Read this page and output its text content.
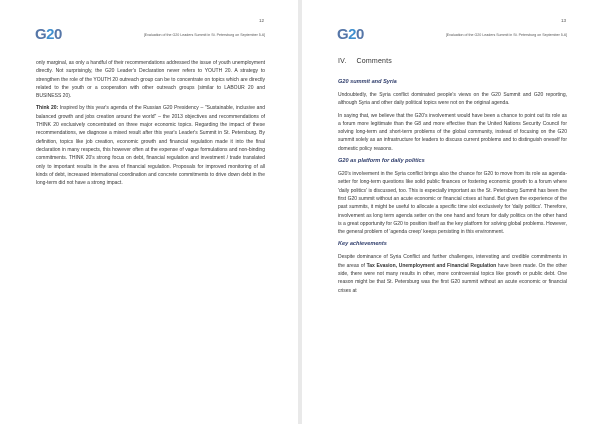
12
G20	[Evaluation of the G20 Leaders Summit in St. Petersburg on September 5-6]

only marginal, as only a handful of their recommendations addressed the issue of youth unemployment directly. Not surprisingly, the G20 Leader's Declaration never refers to YOUTH 20. A strategy to strengthen the role of the YOUTH 20 outreach group can be to concentrate on topics which are directly related to the youth or a cooperation with other outreach groups (similar to LABOUR 20 and BUSINESS 20).

Think 20: Inspired by this year's agenda of the Russian G20 Presidency – "Sustainable, inclusive and balanced growth and jobs creation around the world" – the 2013 objectives and recommendations of THINK 20 exclusively concentrated on three major economic topics. Regarding the impact of these recommendations, we diagnose a mixed result after this year's Leader's Summit in St. Petersburg. By definition, topics like job creation, economic growth and financial regulation made it into the final declaration in many respects, this however often at the expense of vague formulations and non-binding commitments. THINK 20's strong focus on debt, financial regulation and investment / trade translated only to important results in the area of financial regulation. Proposals for improved monitoring of all kinds of debt, increased international coordination and concrete commitments to drive down debt in the long-term did not have a strong impact.

13
G20	[Evaluation of the G20 Leaders Summit in St. Petersburg on September 5-6]
IV. Comments
G20 summit and Syria

Undoubtedly, the Syria conflict dominated people's views on the G20 Summit and G20 reporting, although Syria and other daily political topics were not on the original agenda.

In saying that, we believe that the G20's involvement would have been a chance to point out its role as a forum more legitimate than the G8 and more effective than the United Nations Security Council for solving long-term and short-term problems of the global community, instead of focusing on the G20 summit solely as an infrastructure for leaders to discuss current problems and to distinguish oneself for domestic policy reasons.

G20 as platform for daily politics

G20's involvement in the Syria conflict brings also the chance for G20 to move from its role as agenda-setter for long-term questions like solid public finances or fostering economic growth to a forum where 'daily politics' is discussed, too. This is especially important as the St. Petersburg Summit has been the first G20 summit without an acute economic or financial crises at hand. But given the experience of the past summits, it might be useful to allocate a specific time slot exclusively for 'daily politics'. Therefore, involvement as long term agenda setter on the one hand and forum for daily politics on the other hand is a great opportunity for G20 to position itself as the key platform for solving global problems. However, the general problem of 'agenda creep' keeps persisting in this environment.

Key achievements

Despite dominance of Syria Conflict and further challenges, interesting and credible commitments in the areas of Tax Evasion, Unemployment and Financial Regulation have been made. On the other side, there were not many results in other, more controversial topics like growth or public debt. One reason might be that St. Petersburg was the first G20 summit without an acute economic or financial crises at
